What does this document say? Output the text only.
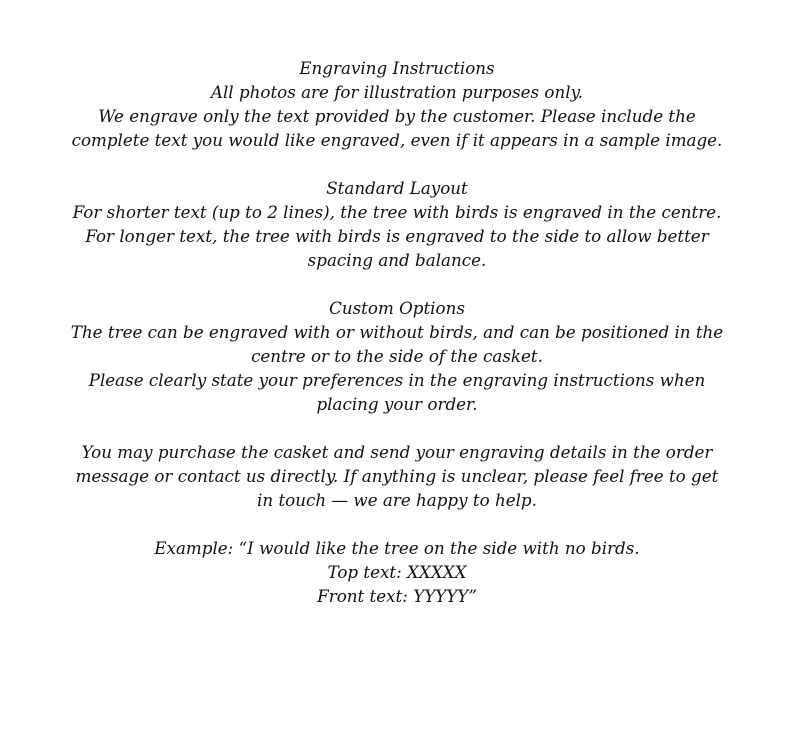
Engraving Instructions
All photos are for illustration purposes only.
We engrave only the text provided by the customer. Please include the
complete text you would like engraved, even if it appears in a sample image.
Standard Layout
For shorter text (up to 2 lines), the tree with birds is engraved in the centre.
For longer text, the tree with birds is engraved to the side to allow better
spacing and balance.
Custom Options
The tree can be engraved with or without birds, and can be positioned in the
centre or to the side of the casket.
Please clearly state your preferences in the engraving instructions when
placing your order.
You may purchase the casket and send your engraving details in the order
message or contact us directly. If anything is unclear, please feel free to get
in touch — we are happy to help.
Example: “I would like the tree on the side with no birds.
Top text: XXXXX
Front text: YYYYY”
